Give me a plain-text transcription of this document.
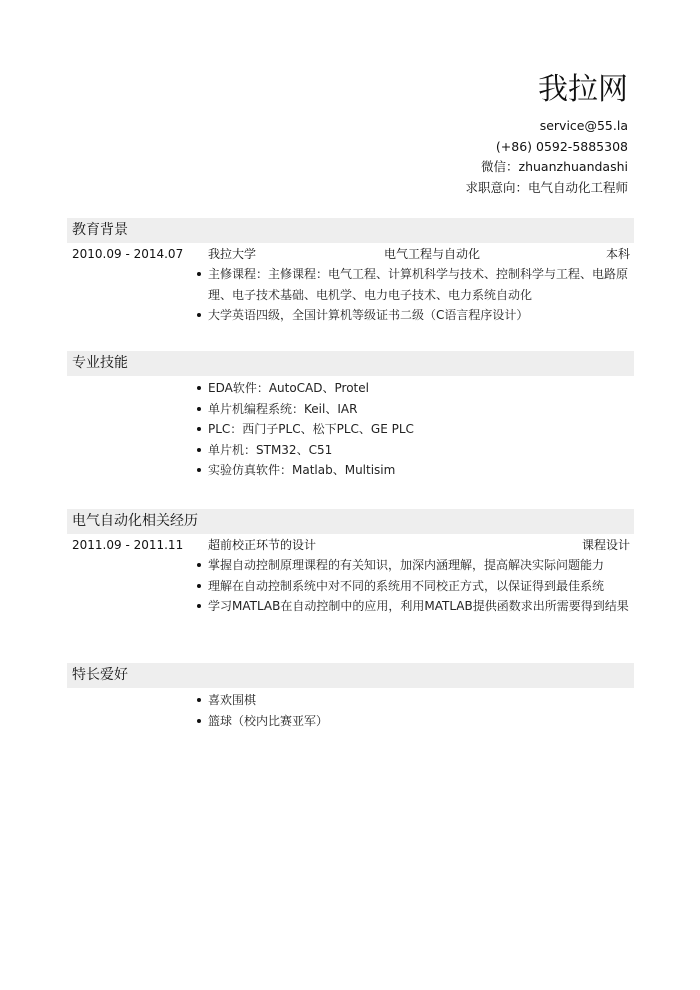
我拉网
service@55.la
(+86) 0592-5885308
微信：zhuanzhuandashi
求职意向：电气自动化工程师
教育背景
2010.09 - 2014.07 我拉大学	电气工程与自动化	本科
主修课程：主修课程：电气工程、计算机科学与技术、控制科学与工程、电路原理、电子技术基础、电机学、电力电子技术、电力系统自动化
大学英语四级，全国计算机等级证书二级（C语言程序设计）
专业技能
EDA软件：AutoCAD、Protel
单片机编程系统：Keil、IAR
PLC：西门子PLC、松下PLC、GE PLC
单片机：STM32、C51
实验仿真软件：Matlab、Multisim
电气自动化相关经历
2011.09 - 2011.11 超前校正环节的设计	课程设计
掌握自动控制原理课程的有关知识，加深内涵理解，提高解决实际问题能力
理解在自动控制系统中对不同的系统用不同校正方式，以保证得到最佳系统
学习MATLAB在自动控制中的应用，利用MATLAB提供函数求出所需要得到结果
特长爱好
喜欢围棋
篮球（校内比赛亚军）
